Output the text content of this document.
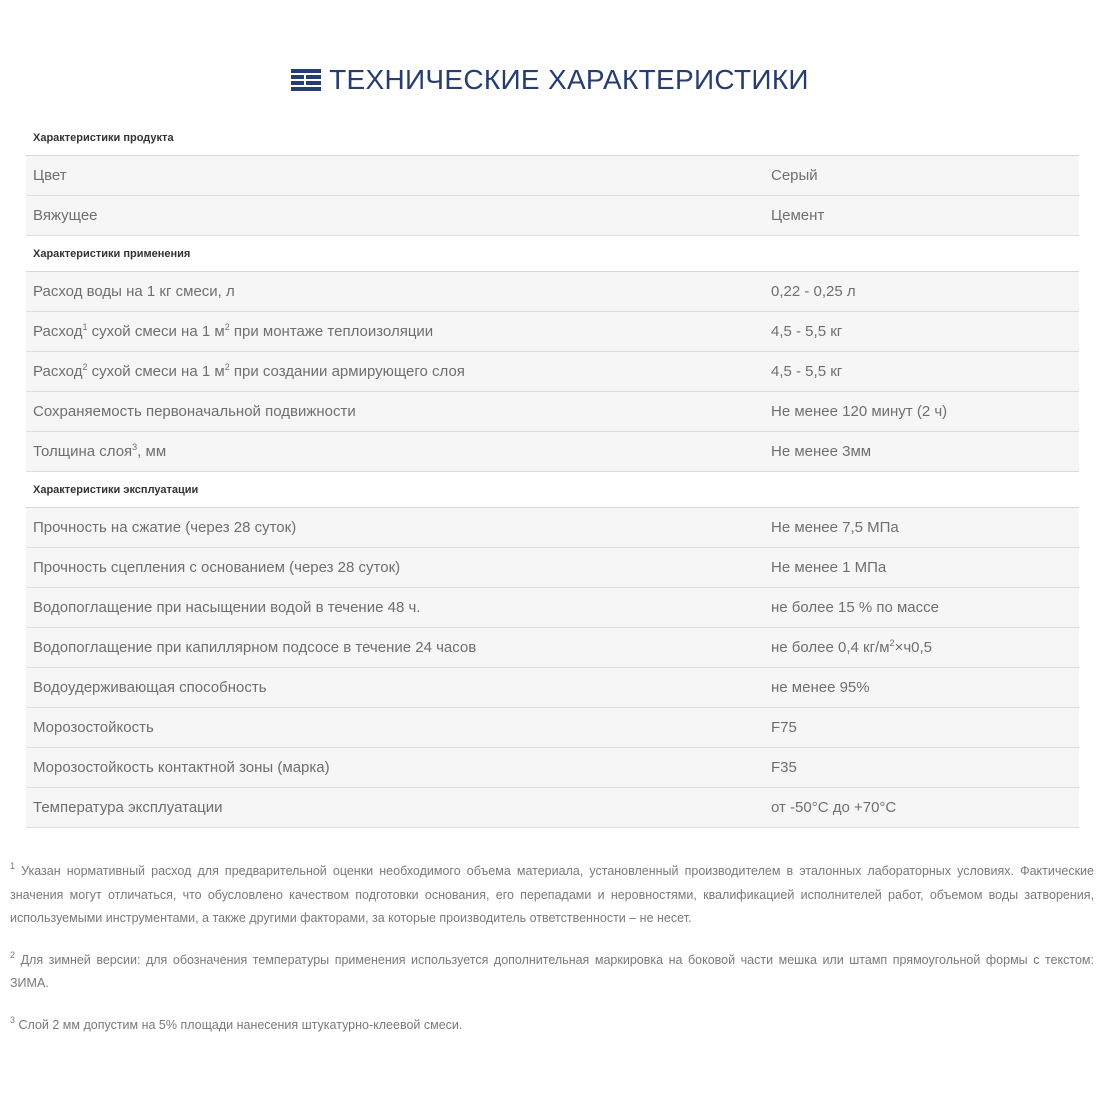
ТЕХНИЧЕСКИЕ ХАРАКТЕРИСТИКИ
Характеристики продукта
Цвет	Серый
Вяжущее	Цемент
Характеристики применения
Расход воды на 1 кг смеси, л	0,22 - 0,25 л
Расход$^1$ сухой смеси на 1 $м^2$ при монтаже теплоизоляции	4,5 - 5,5 кг
Расход$^2$ сухой смеси на 1 $м^2$ при создании армирующего слоя	4,5 - 5,5 кг
Сохраняемость первоначальной подвижности	Не менее 120 минут (2 ч)
Толщина слоя$^3$, мм	Не менее 3мм
Характеристики эксплуатации
Прочность на сжатие (через 28 суток)	Не менее 7,5 МПа
Прочность сцепления с основанием (через 28 суток)	Не менее 1 МПа
Водопоглащение при насыщении водой в течение 48 ч.	не более 15 % по массе
Водопоглащение при капиллярном подсосе в течение 24 часов	не более 0,4 $кг/м^2\times ч0,5$
Водоудерживающая способность	не менее 95%
Морозостойкость	F75
Морозостойкость контактной зоны (марка)	F35
Температура эксплуатации	от -50°С до +70°С
$^1$ Указан нормативный расход для предварительной оценки необходимого объема материала, установленный производителем в эталонных лабораторных условиях. Фактические значения могут отличаться, что обусловлено качеством подготовки основания, его перепадами и неровностями, квалификацией исполнителей работ, объемом воды затворения, используемыми инструментами, а также другими факторами, за которые производитель ответственности – не несет.
$^2$ Для зимней версии: для обозначения температуры применения используется дополнительная маркировка на боковой части мешка или штамп прямоугольной формы с текстом: ЗИМА.
$^3$ Слой 2 мм допустим на 5% площади нанесения штукатурно-клеевой смеси.
